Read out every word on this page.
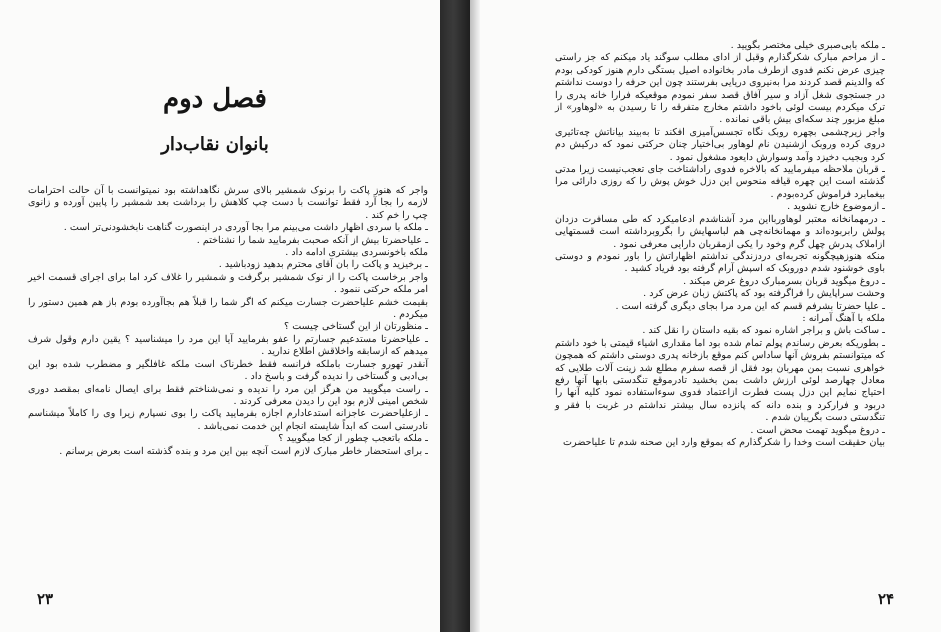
فصل دوم
بانوان نقاب‌دار

واجر که هنوز پاکت را برنوک شمشیر بالای سرش نگاهداشته بود نمیتوانست با آن حالت احترامات لازمه را بجا آرد فقط توانست با دست چپ کلاهش را برداشت بعد شمشیر را پایین آورده و زانوی چپ را خم کند .

ـ ملکه با سردی اظهار داشت می‌بینم مرا بجا آوردی در اینصورت گناهت نابخشودنی‌تر است .

ـ علیاحضرتا بیش از آنکه صحبت بفرمایید شما را نشناختم .

ملکه باخونسردی بیشتری ادامه داد .

ـ برخیزید و پاکت را بان آقای محترم بدهید زودباشید .

واجر برخاست پاکت را از نوک شمشیر برگرفت و شمشیر را غلاف کرد اما برای اجرای قسمت اخیر امر ملکه حرکتی ننمود .

بقیمت خشم علیاحضرت جسارت میکنم که اگر شما را قبلاً هم بجاآورده بودم باز هم همین دستور را میکردم .

ـ منظورتان از این گستاخی چیست ؟

ـ علیاحضرتا مستدعیم جسارتم را عفو بفرمایید آیا این مرد را میشناسید ؟ یقین دارم وقول شرف میدهم که ازسابقه واخلاقش اطلاع ندارید .

آنقدر تهورو جسارت باملکه فرانسه فقط خطرناک است ملکه غافلگیر و مضطرب شده بود این بی‌ادبی و گستاخی را ندیده گرفت و باسخ داد .

ـ راست میگویید من هرگز این مرد را ندیده و نمی‌شناختم فقط برای ایصال نامه‌ای بمقصد دوری شخص امینی لازم بود این را دیدن معرفی کردند .

ـ ازعلیاحضرت عاجزانه استدعادارم اجازه بفرمایید پاکت را بوی نسپارم زیرا وی را کاملاً میشناسم نادرستی است که ابداً شایسته انجام این خدمت نمی‌باشد .

ـ ملکه باتعجب چطور از کجا میگویید ؟

ـ برای استحضار خاطر مبارک لازم است آنچه بین این مرد و بنده گذشته است بعرض برسانم .

ـ ملکه بابی‌صبری خیلی مختصر بگویید .

ـ از مراحم مبارک شکرگذارم وقبل از ادای مطلب سوگند یاد میکنم که جز راستی چیزی عرض نکنم فدوی ازطرف مادر بخانواده اصیل بستگی دارم هنوز کودکی بودم که والدینم قصد کردند مرا به‌نیروی دریایی بفرستند چون این حرفه را دوست نداشتم در جستجوی شغل آزاد و سیر آفاق قصد سفر نمودم موقعیکه فرارا خانه پدری را ترک میکردم بیست لوئی باخود داشتم مخارج متفرقه را تا رسیدن به «لوهاور» از مبلغ مزبور چند سکه‌ای بیش باقی نمانده .

واجر زیرچشمی بچهره روبک نگاه تجسس‌آمیزی افکند تا به‌بیند بیاناتش چه‌تاثیری دروی کرده وروبک ازشنیدن نام لوهاور بی‌اختیار چنان حرکتی نمود که درکیش دم کرد وبجیب دخیزد وآمد وسوارش دایعود مشغول نمود .

ـ قربان ملاحظه میفرمایید که بالاخره فدوی راداشتاخت جای تعجب‌نیست زیرا مدتی گذشته است این چهره قیافه منحوس این دزل خوش پوش را که روزی دارائی مرا بیغمابرد فراموش کرده‌بودم .

ـ ازموضوع خارج نشوید .

ـ درمهمانخانه معتبر لوهاوربااین مرد آشناشدم ادعامیکرد که طی مسافرت دزدان پولش رابربوده‌اند و مهمانخانه‌چی هم لباسهایش را بگروبرداشته است قسمتهایی ازاملاک پدرش چهل گرم وخود را یکی ازمقربان دارایی معرفی نمود .

منکه هنوزهیچگونه تجربه‌ای دردزندگی نداشتم اظهاراتش را باور نمودم و دوستی باوی خوشنود شدم دوروبک که اسپش آرام گرفته بود فریاد کشید .

ـ دروغ میگوید قربان بسرمبارک دروغ عرض میکند .

وحشت سراپایش را فراگرفته بود که پاکتش زبان عرض کرد .

ـ علیا حضرتا بشرفم قسم که این مرد مرا بجای دیگری گرفته است .

ملکه با آهنگ آمرانه :

ـ ساکت باش و براجر اشاره نمود که بقیه داستان را نقل کند .

ـ بطوریکه بعرض رساندم پولم تمام شده بود اما مقداری اشیاء قیمتی با خود داشتم که میتوانستم بفروش آنها ساداس کنم موقع بازخانه پدری دوستی داشتم که همچون خواهری نسبت بمن مهربان بود فقل از قصه سفرم مطلع شد زینت آلات طلایی که معادل چهارصد لوئی ارزش داشت بمن بخشید تادرموقع تنگدستی بابها آنها رفع احتیاج نمایم این دزل پست فطرت ازاعتماد فدوی سوءاستفاده نمود کلیه آنها را دربود و فرارکرد و بنده دانه که پانزده سال بیشتر نداشتم در غربت با فقر و تنگدستی دست بگریبان شدم .

ـ دروغ میگوید تهمت محض است .

بیان حقیقت است وخدا را شکرگذارم که بموقع وارد این صحنه شدم تا علیاحضرت

۲۳	۲۴
